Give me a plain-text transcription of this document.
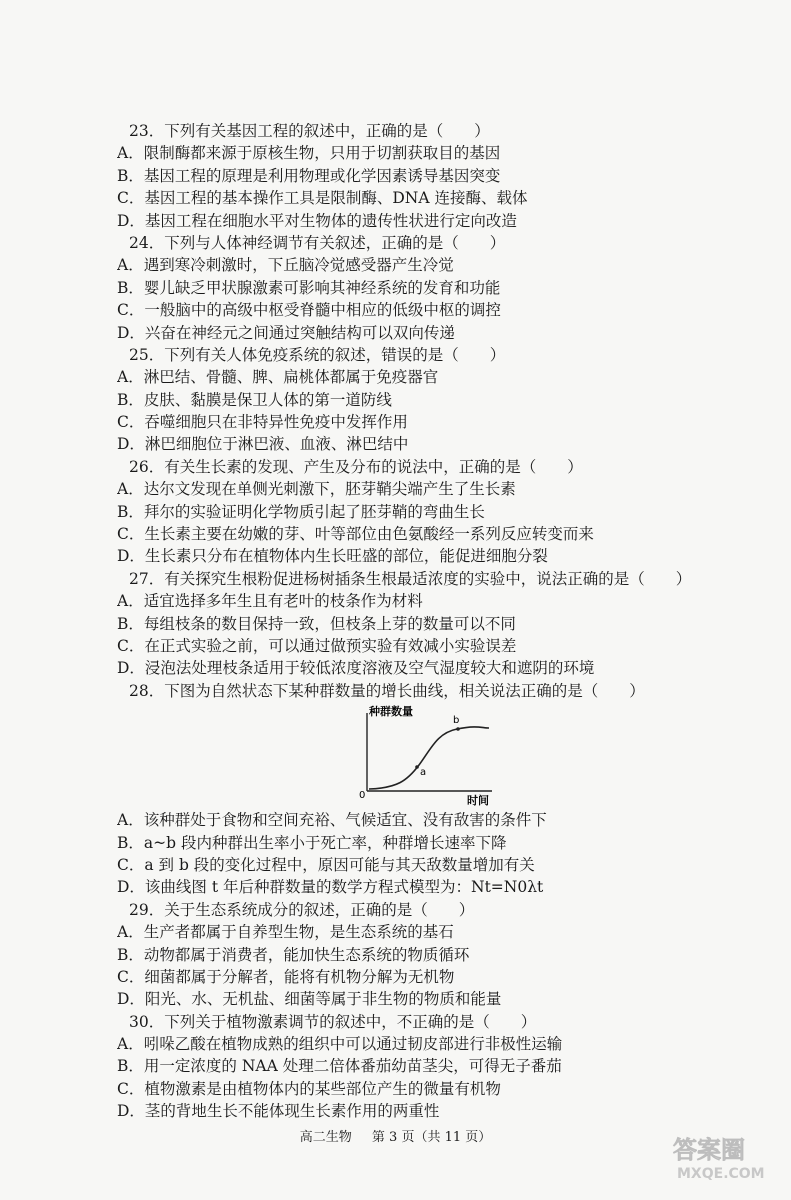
23．下列有关基因工程的叙述中，正确的是（　　）
A．限制酶都来源于原核生物，只用于切割获取目的基因
B．基因工程的原理是利用物理或化学因素诱导基因突变
C．基因工程的基本操作工具是限制酶、DNA 连接酶、载体
D．基因工程在细胞水平对生物体的遗传性状进行定向改造
24．下列与人体神经调节有关叙述，正确的是（　　）
A．遇到寒冷刺激时，下丘脑冷觉感受器产生冷觉
B．婴儿缺乏甲状腺激素可影响其神经系统的发育和功能
C．一般脑中的高级中枢受脊髓中相应的低级中枢的调控
D．兴奋在神经元之间通过突触结构可以双向传递
25．下列有关人体免疫系统的叙述，错误的是（　　）
A．淋巴结、骨髓、脾、扁桃体都属于免疫器官
B．皮肤、黏膜是保卫人体的第一道防线
C．吞噬细胞只在非特异性免疫中发挥作用
D．淋巴细胞位于淋巴液、血液、淋巴结中
26．有关生长素的发现、产生及分布的说法中，正确的是（　　）
A．达尔文发现在单侧光刺激下，胚芽鞘尖端产生了生长素
B．拜尔的实验证明化学物质引起了胚芽鞘的弯曲生长
C．生长素主要在幼嫩的芽、叶等部位由色氨酸经一系列反应转变而来
D．生长素只分布在植物体内生长旺盛的部位，能促进细胞分裂
27．有关探究生根粉促进杨树插条生根最适浓度的实验中，说法正确的是（　　）
A．适宜选择多年生且有老叶的枝条作为材料
B．每组枝条的数目保持一致，但枝条上芽的数量可以不同
C．在正式实验之前，可以通过做预实验有效减小实验误差
D．浸泡法处理枝条适用于较低浓度溶液及空气湿度较大和遮阴的环境
28．下图为自然状态下某种群数量的增长曲线，相关说法正确的是（　　）
种群数量
时间
0
a
b
A．该种群处于食物和空间充裕、气候适宜、没有敌害的条件下
B．a~b 段内种群出生率小于死亡率，种群增长速率下降
C．a 到 b 段的变化过程中，原因可能与其天敌数量增加有关
D．该曲线图 t 年后种群数量的数学方程式模型为：Nt=N0λt
29．关于生态系统成分的叙述，正确的是（　　）
A．生产者都属于自养型生物，是生态系统的基石
B．动物都属于消费者，能加快生态系统的物质循环
C．细菌都属于分解者，能将有机物分解为无机物
D．阳光、水、无机盐、细菌等属于非生物的物质和能量
30．下列关于植物激素调节的叙述中，不正确的是（　　）
A．吲哚乙酸在植物成熟的组织中可以通过韧皮部进行非极性运输
B．用一定浓度的 NAA 处理二倍体番茄幼苗茎尖，可得无子番茄
C．植物激素是由植物体内的某些部位产生的微量有机物
D．茎的背地生长不能体现生长素作用的两重性
高二生物 第 3 页（共 11 页）	答案圈
MXQE.COM
